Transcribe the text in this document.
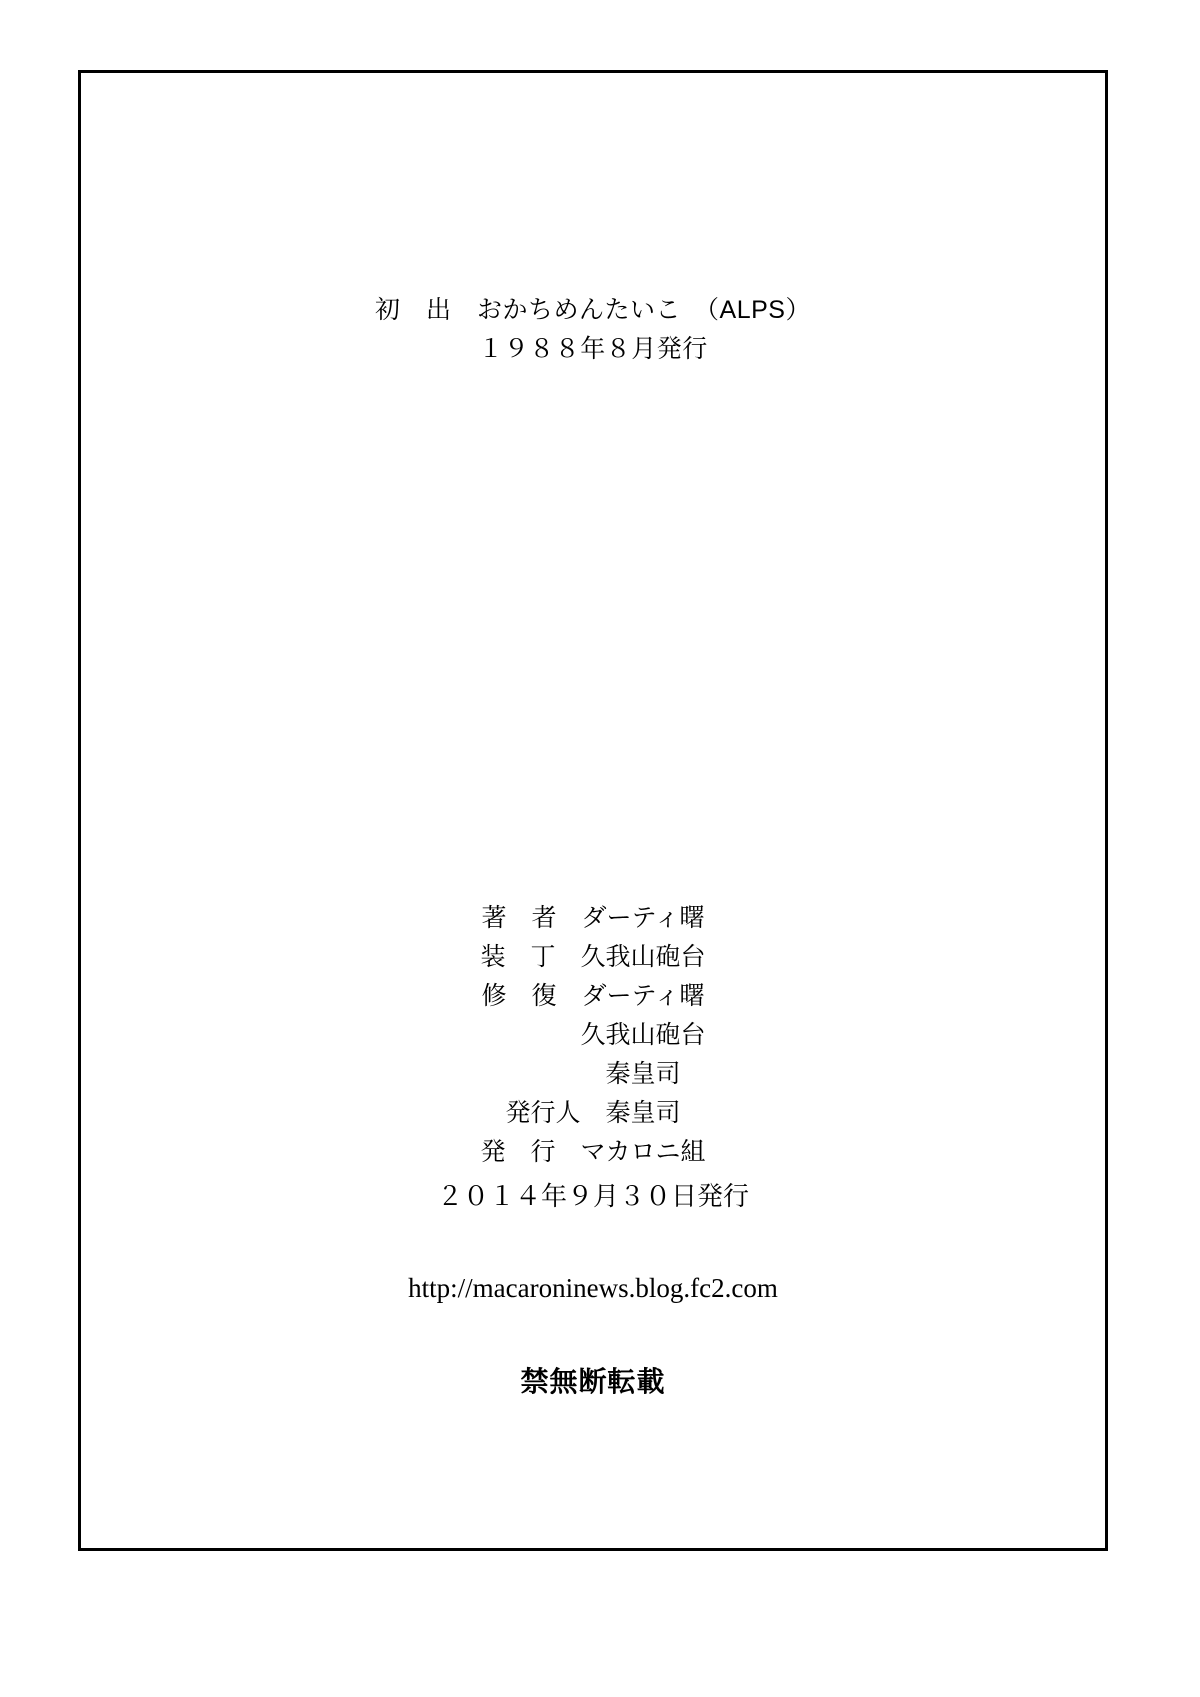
初　出　おかちめんたいこ　（ALPS）
１９８８年８月発行
著　者　ダーティ曙
装　丁　久我山砲台
修　復　ダーティ曙
　　　　久我山砲台
　　　　秦皇司
発行人　秦皇司
発　行　マカロニ組
２０１４年９月３０日発行
http://macaroninews.blog.fc2.com
禁無断転載
